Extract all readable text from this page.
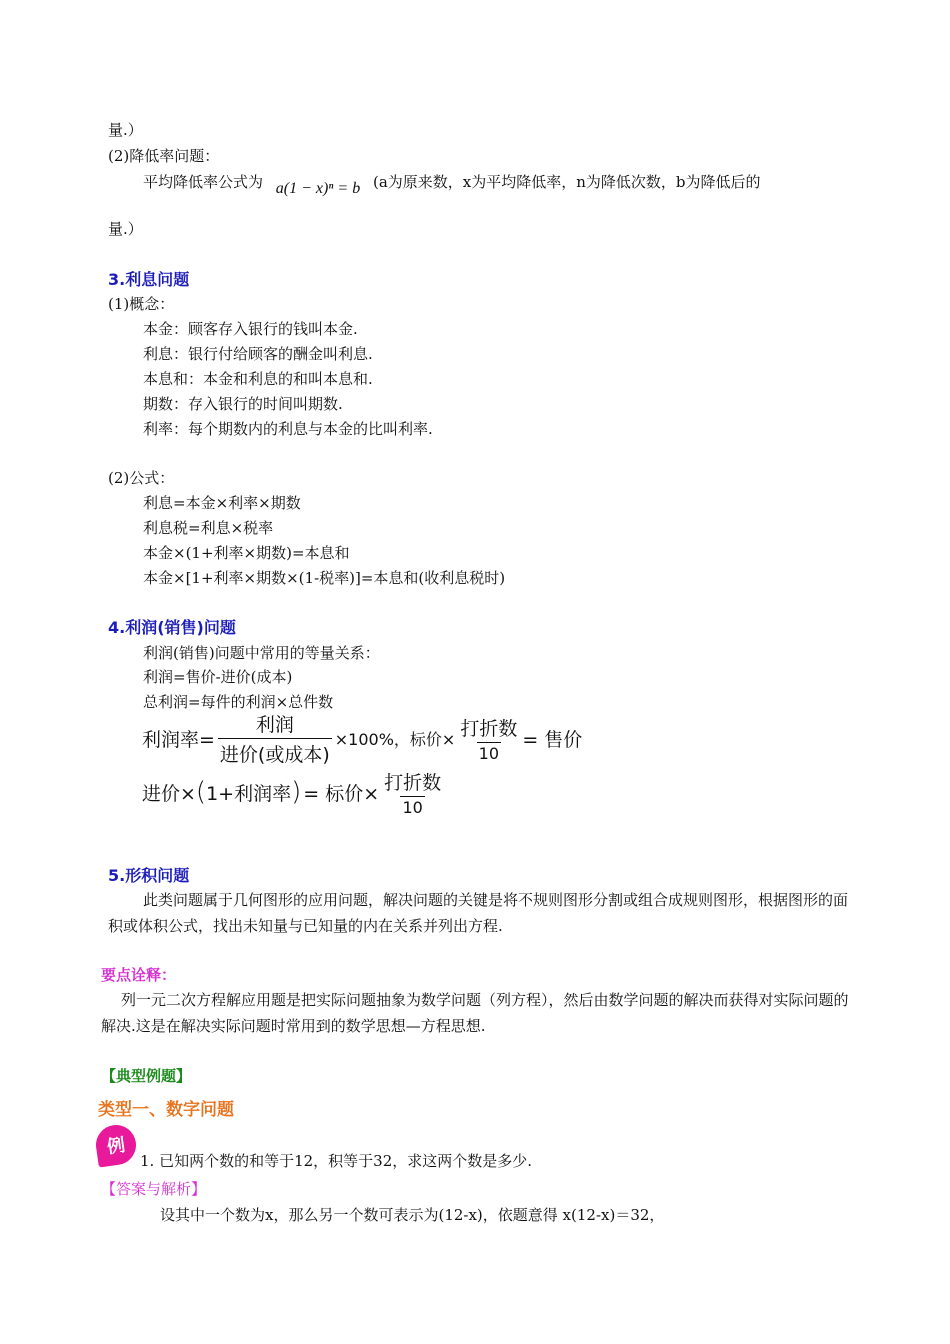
量.）
(2)降低率问题：
平均降低率公式为 a(1 − x)ⁿ = b (a为原来数，x为平均降低率，n为降低次数，b为降低后的
量.）
3.利息问题
(1)概念：
本金：顾客存入银行的钱叫本金.
利息：银行付给顾客的酬金叫利息.
本息和：本金和利息的和叫本息和.
期数：存入银行的时间叫期数.
利率：每个期数内的利息与本金的比叫利率.
(2)公式：
利息=本金×利率×期数
利息税=利息×税率
本金×(1+利率×期数)=本息和
本金×[1+利率×期数×(1-税率)]=本息和(收利息税时)
4.利润(销售)问题
利润(销售)问题中常用的等量关系：
利润=售价-进价(成本)
总利润=每件的利润×总件数
利润率= $\frac{\text{利润}}{\text{进价(或成本)}} \times 100\%$，标价× $\frac{\text{打折数}}{10}$ = 售价
进价× ( 1+利润率 ) = 标价× $\frac{\text{打折数}}{10}$
5.形积问题
此类问题属于几何图形的应用问题，解决问题的关键是将不规则图形分割或组合成规则图形，根据图形的面积或体积公式，找出未知量与已知量的内在关系并列出方程.
要点诠释：
列一元二次方程解应用题是把实际问题抽象为数学问题（列方程），然后由数学问题的解决而获得对实际问题的解决.这是在解决实际问题时常用到的数学思想—方程思想.
【典型例题】
类型一、数字问题
例
1. 已知两个数的和等于12，积等于32，求这两个数是多少.
【答案与解析】
设其中一个数为x，那么另一个数可表示为(12-x)，依题意得 x(12-x)＝32，
